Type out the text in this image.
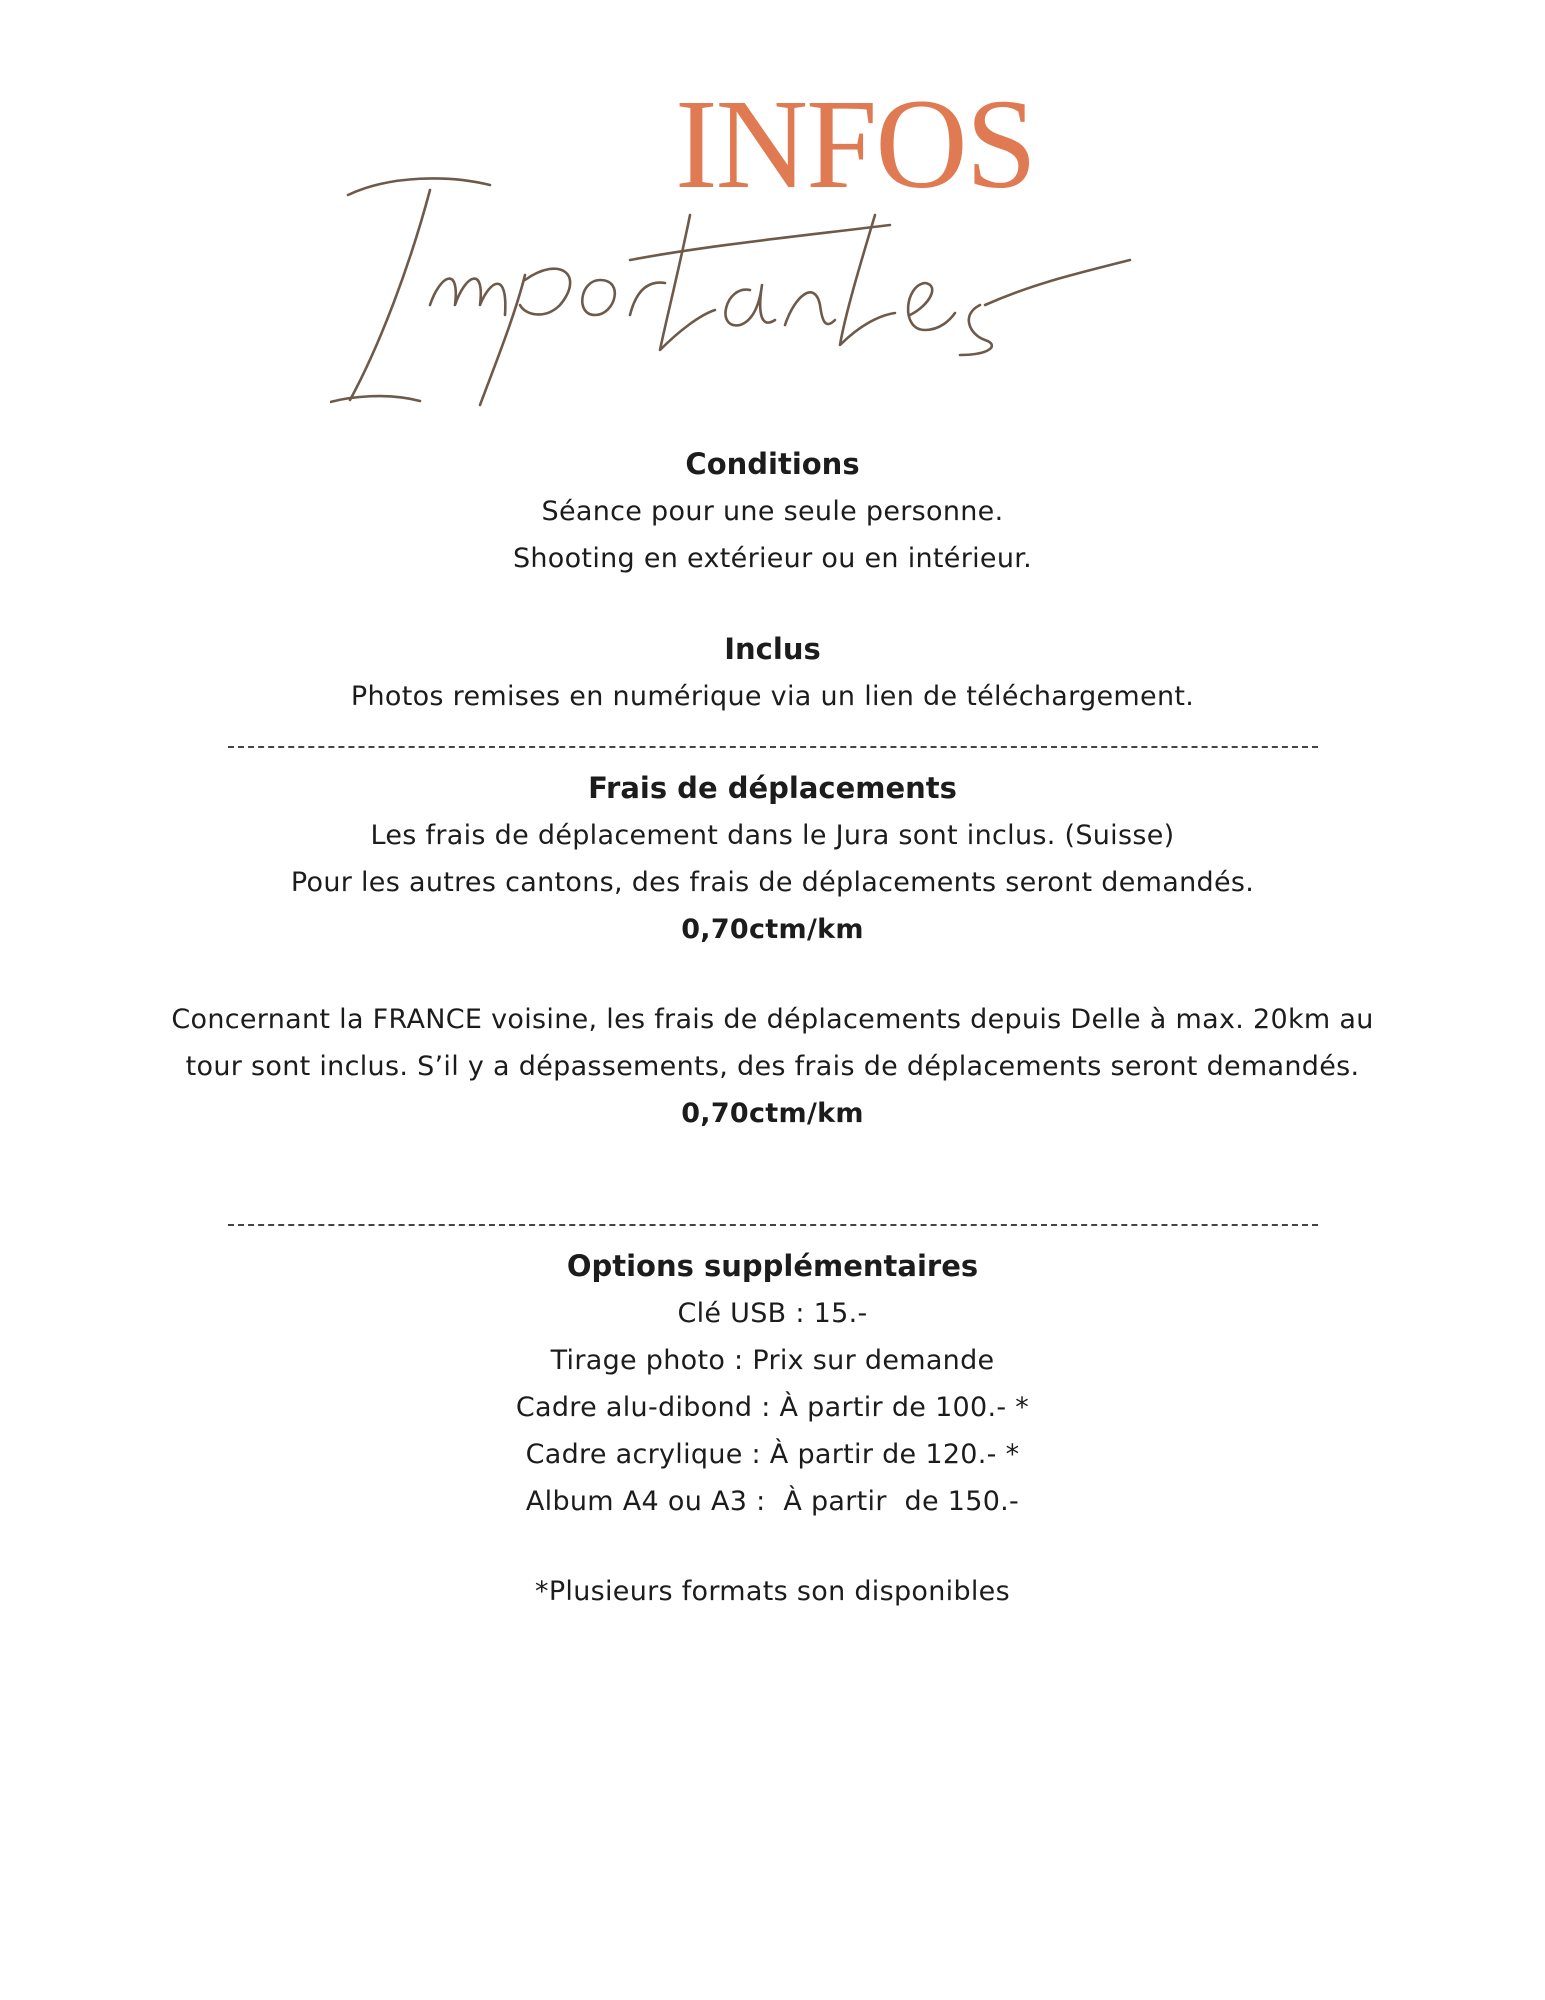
INFOS

Conditions

Séance pour une seule personne.

Shooting en extérieur ou en intérieur.

Inclus

Photos remises en numérique via un lien de téléchargement.

Frais de déplacements

Les frais de déplacement dans le Jura sont inclus. (Suisse)

Pour les autres cantons, des frais de déplacements seront demandés.

0,70ctm/km

Concernant la FRANCE voisine, les frais de déplacements depuis Delle à max. 20km au

tour sont inclus. S’il y a dépassements, des frais de déplacements seront demandés.

0,70ctm/km

Options supplémentaires

Clé USB : 15.-

Tirage photo : Prix sur demande

Cadre alu-dibond : À partir de 100.- *

Cadre acrylique : À partir de 120.- *

Album A4 ou A3 :  À partir  de 150.-

*Plusieurs formats son disponibles
